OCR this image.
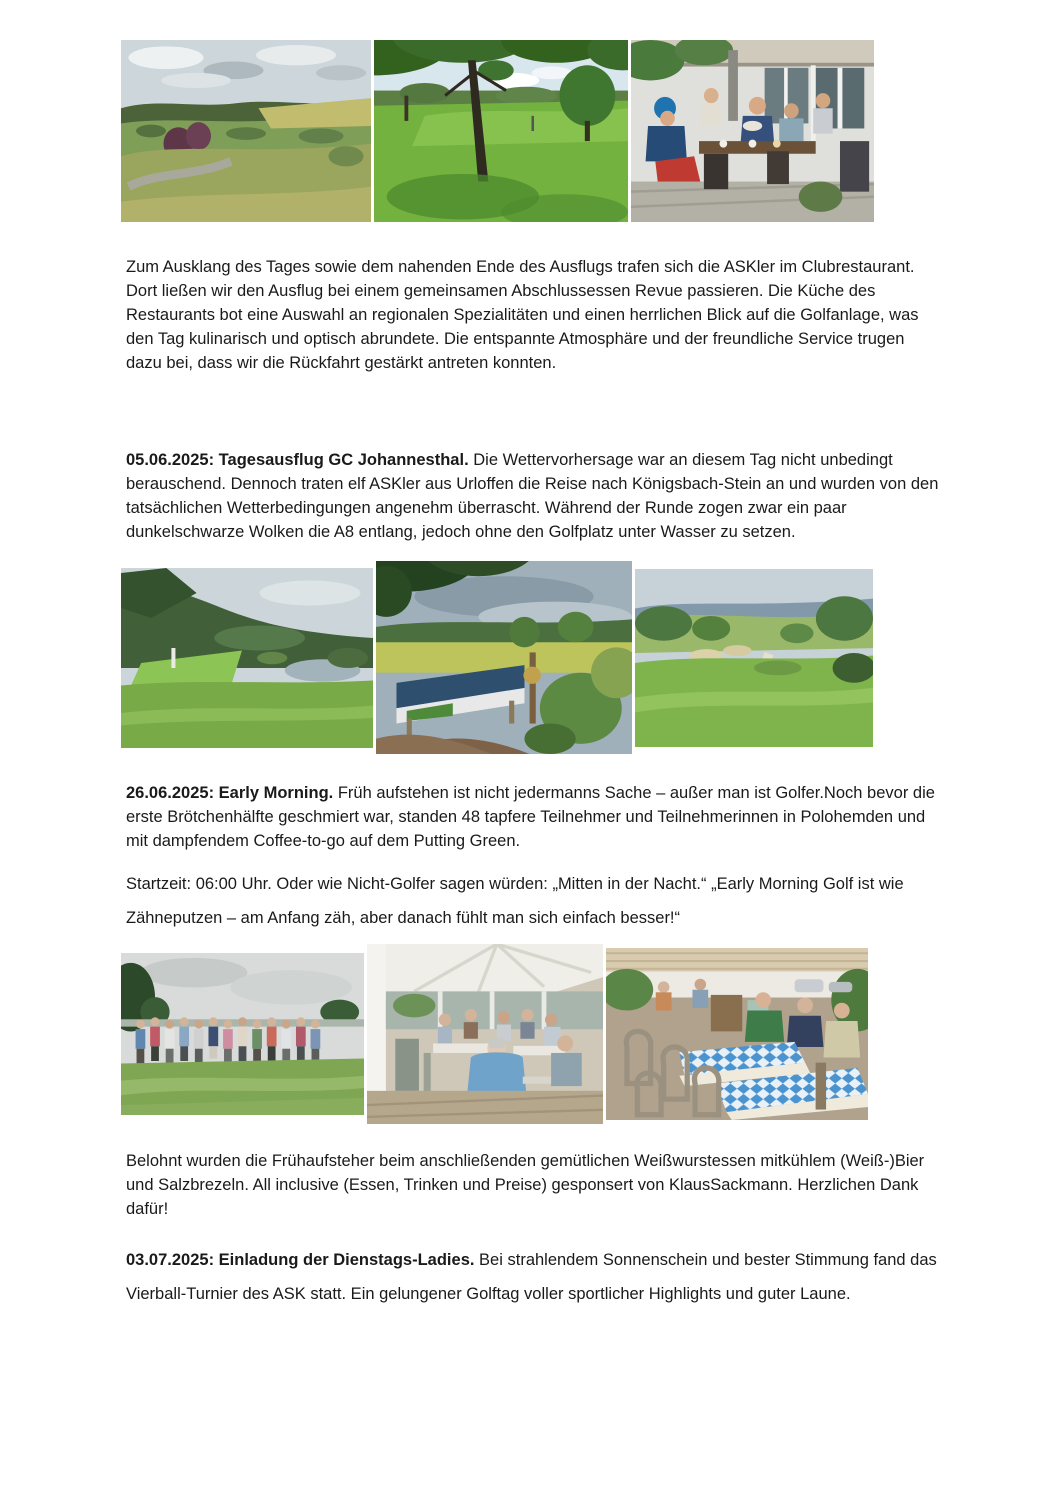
Zum Ausklang des Tages sowie dem nahenden Ende des Ausflugs trafen sich die ASKler im Clubrestaurant. Dort ließen wir den Ausflug bei einem gemeinsamen Abschlussessen Revue passieren. Die Küche des Restaurants bot eine Auswahl an regionalen Spezialitäten und einen herrlichen Blick auf die Golfanlage, was den Tag kulinarisch und optisch abrundete. Die entspannte Atmosphäre und der freundliche Service trugen dazu bei, dass wir die Rückfahrt gestärkt antreten konnten.

05.06.2025: Tagesausflug GC Johannesthal. Die Wettervorhersage war an diesem Tag nicht unbedingt berauschend. Dennoch traten elf ASKler aus Urloffen die Reise nach Königsbach-Stein an und wurden von den tatsächlichen Wetterbedingungen angenehm überrascht. Während der Runde zogen zwar ein paar dunkelschwarze Wolken die A8 entlang, jedoch ohne den Golfplatz unter Wasser zu setzen.

26.06.2025: Early Morning. Früh aufstehen ist nicht jedermanns Sache – außer man ist Golfer.Noch bevor die erste Brötchenhälfte geschmiert war, standen 48 tapfere Teilnehmer und Teilnehmerinnen in Polohemden und mit dampfendem Coffee-to-go auf dem Putting Green.

Startzeit: 06:00 Uhr. Oder wie Nicht-Golfer sagen würden: „Mitten in der Nacht.“ „Early Morning Golf ist wie Zähneputzen – am Anfang zäh, aber danach fühlt man sich einfach besser!“

Belohnt wurden die Frühaufsteher beim anschließenden gemütlichen Weißwurstessen mitkühlem (Weiß-)Bier und Salzbrezeln. All inclusive (Essen, Trinken und Preise) gesponsert von KlausSackmann. Herzlichen Dank dafür!

03.07.2025: Einladung der Dienstags-Ladies. Bei strahlendem Sonnenschein und bester Stimmung fand das Vierball-Turnier des ASK statt. Ein gelungener Golftag voller sportlicher Highlights und guter Laune.
